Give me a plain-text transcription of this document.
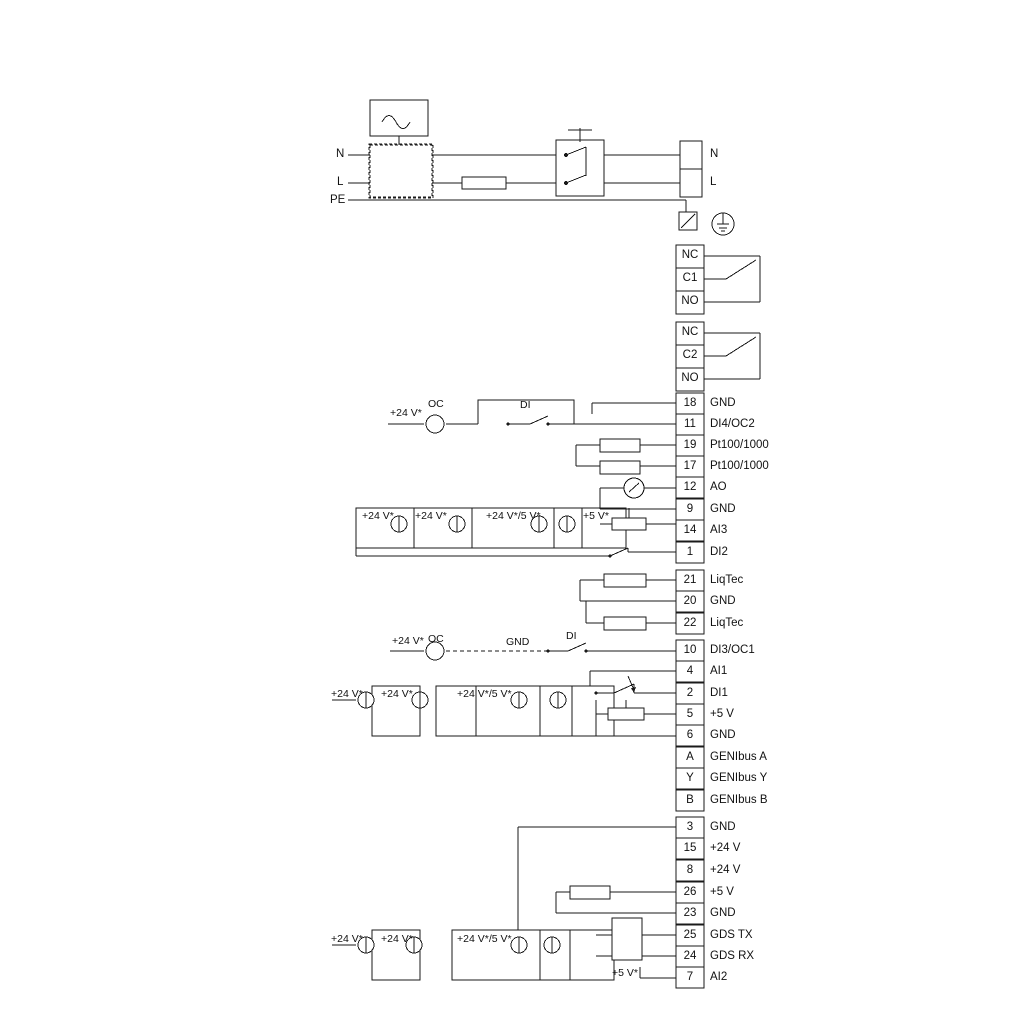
N
L
PE
N
L
NC
C1
NO
NC
C2
NO
18	GND
11	DI4/OC2
19	Pt100/1000
17	Pt100/1000
12	AO
9	GND
14	AI3
1	DI2
21	LiqTec
20	GND
22	LiqTec
10	DI3/OC1
4	AI1
2	DI1
5	+5 V
6	GND
A	GENIbus A
Y	GENIbus Y
B	GENIbus B
3	GND
15	+24 V
8	+24 V
26	+5 V
23	GND
25	GDS TX
24	GDS RX
7	AI2
+24 V*
OC	DI
+24 V* +24 V*	+24 V*/5 V*	+5 V*
+24 V* OC	GND	DI
+24 V* +24 V*	+24 V*/5 V*
+24 V* +24 V*	+24 V*/5 V*
+5 V*
